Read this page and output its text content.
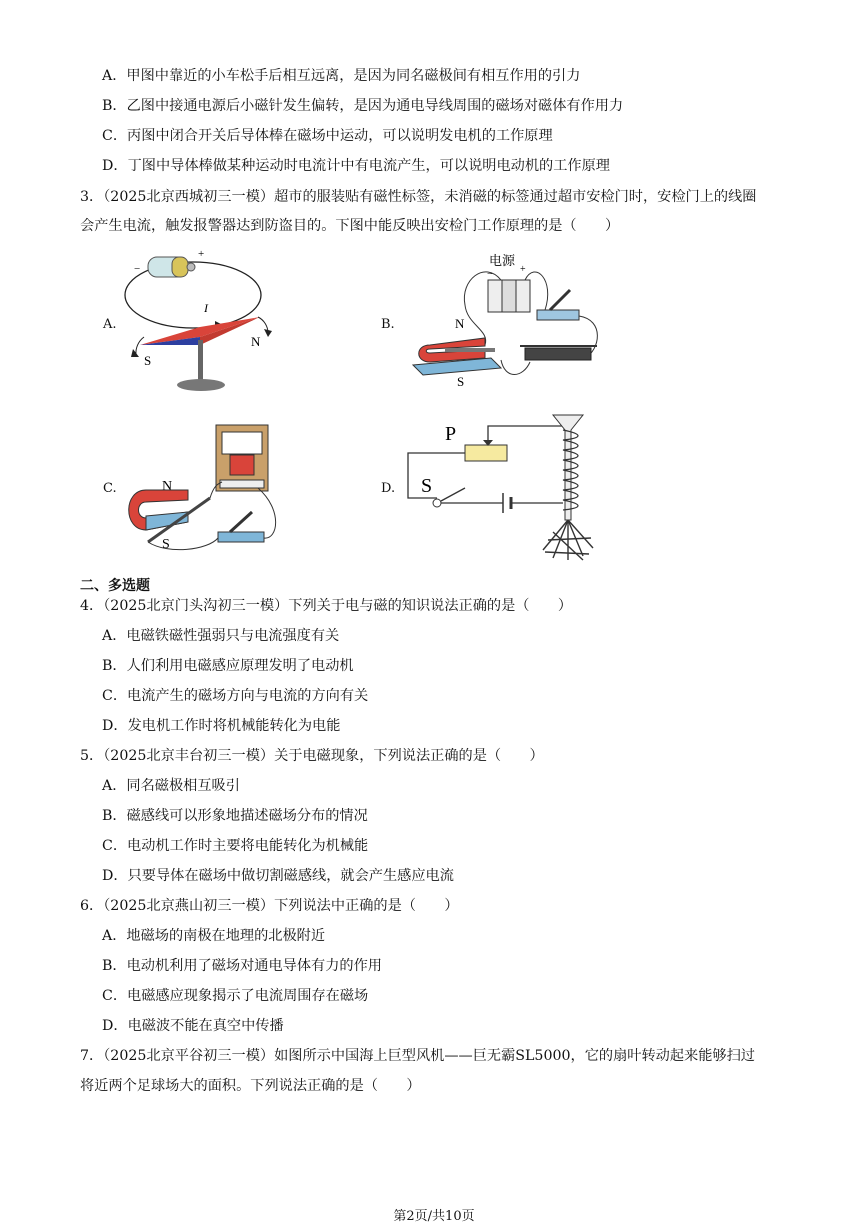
A．甲图中靠近的小车松手后相互远离，是因为同名磁极间有相互作用的引力
B．乙图中接通电源后小磁针发生偏转，是因为通电导线周围的磁场对磁体有作用力
C．丙图中闭合开关后导体棒在磁场中运动，可以说明发电机的工作原理
D．丁图中导体棒做某种运动时电流计中有电流产生，可以说明电动机的工作原理
3．（2025北京西城初三一模）超市的服装贴有磁性标签，未消磁的标签通过超市安检门时，安检门上的线圈
会产生电流，触发报警器达到防盗目的。下图中能反映出安检门工作原理的是（　　）
A.
+
−
I
S
N
B.
电源
−	+
N
S
C.	N
S
D.
P
S
二、多选题
4．（2025北京门头沟初三一模）下列关于电与磁的知识说法正确的是（　　）
A．电磁铁磁性强弱只与电流强度有关
B．人们利用电磁感应原理发明了电动机
C．电流产生的磁场方向与电流的方向有关
D．发电机工作时将机械能转化为电能
5．（2025北京丰台初三一模）关于电磁现象，下列说法正确的是（　　）
A．同名磁极相互吸引
B．磁感线可以形象地描述磁场分布的情况
C．电动机工作时主要将电能转化为机械能
D．只要导体在磁场中做切割磁感线，就会产生感应电流
6．（2025北京燕山初三一模）下列说法中正确的是（　　）
A．地磁场的南极在地理的北极附近
B．电动机利用了磁场对通电导体有力的作用
C．电磁感应现象揭示了电流周围存在磁场
D．电磁波不能在真空中传播
7．（2025北京平谷初三一模）如图所示中国海上巨型风机——巨无霸SL5000，它的扇叶转动起来能够扫过
将近两个足球场大的面积。下列说法正确的是（　　）
第2页/共10页
